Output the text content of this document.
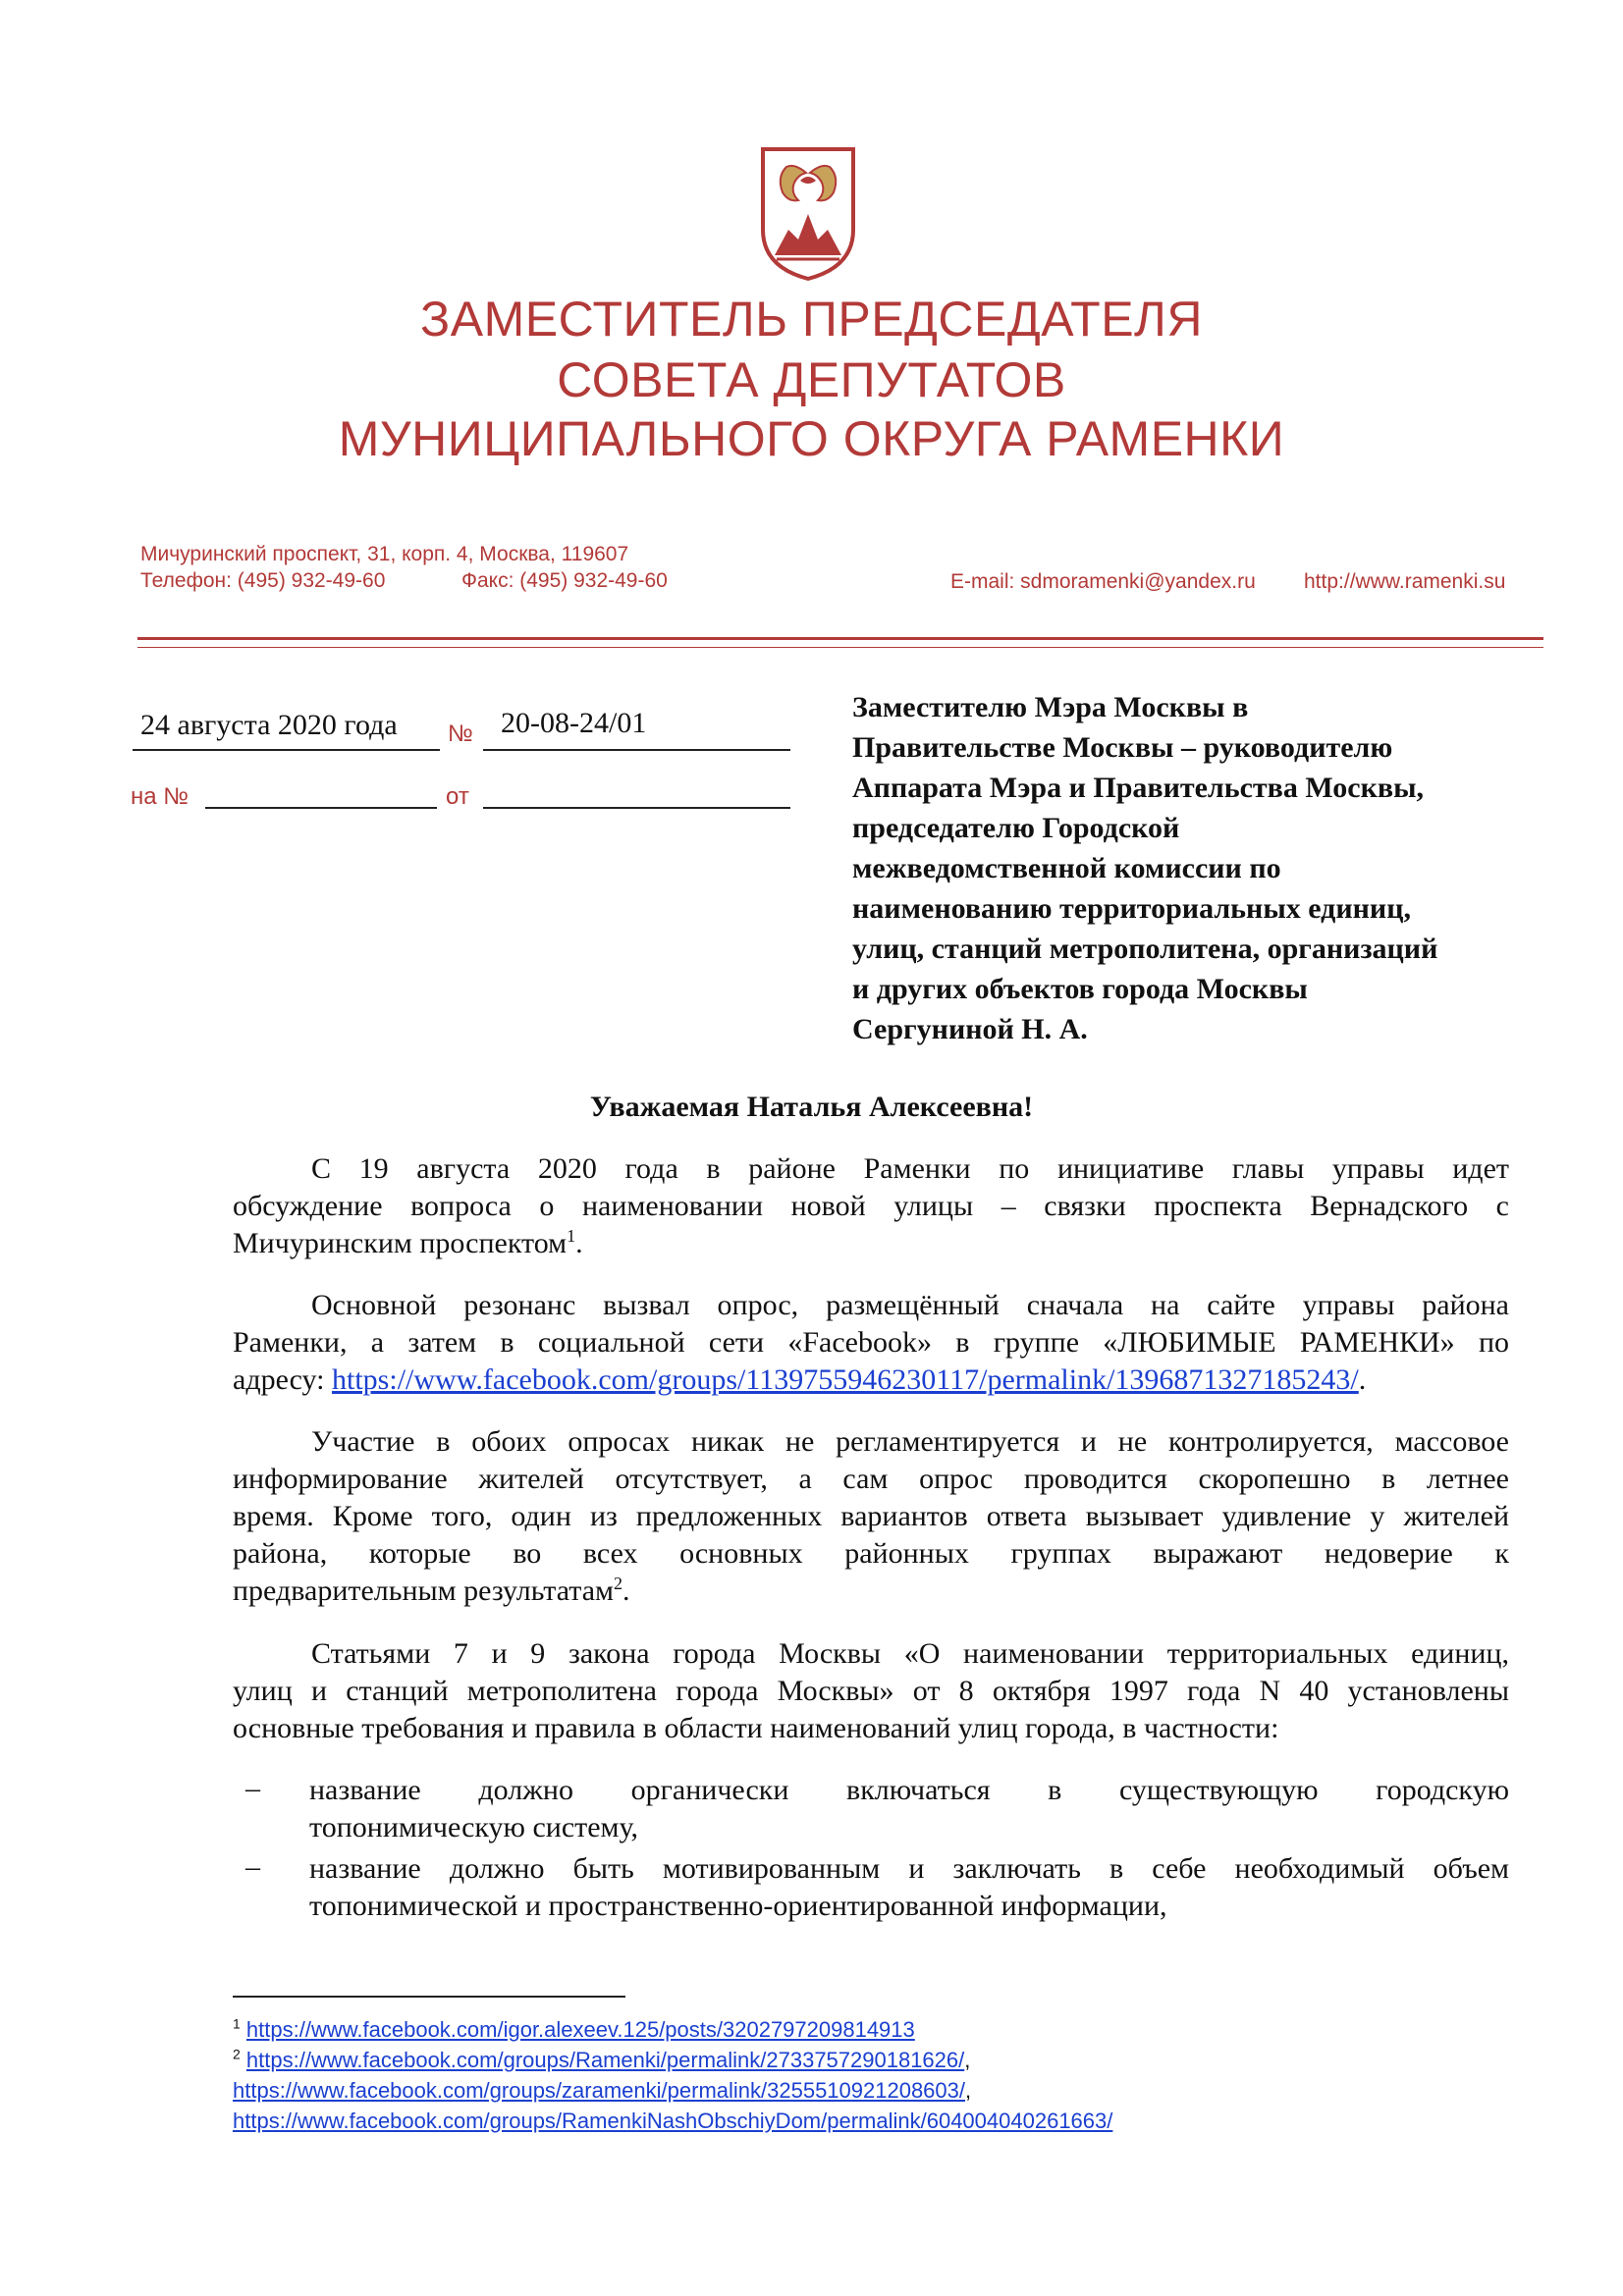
ЗАМЕСТИТЕЛЬ ПРЕДСЕДАТЕЛЯ
СОВЕТА ДЕПУТАТОВ
МУНИЦИПАЛЬНОГО ОКРУГА РАМЕНКИ
Мичуринский проспект, 31, корп. 4, Москва, 119607
Телефон: (495) 932-49-60	Факс: (495) 932-49-60	E-mail: sdmoramenki@yandex.ru http://www.ramenki.su
24 августа 2020 года № 20-08-24/01
на №	от
Заместителю Мэра Москвы в
Правительстве Москвы – руководителю
Аппарата Мэра и Правительства Москвы,
председателю Городской
межведомственной комиссии по
наименованию территориальных единиц,
улиц, станций метрополитена, организаций
и других объектов города Москвы
Сергуниной Н. А.
Уважаемая Наталья Алексеевна!
С 19 августа 2020 года в районе Раменки по инициативе главы управы идет
обсуждение вопроса о наименовании новой улицы – связки проспекта Вернадского с
Мичуринским проспектом$^1$.
Основной резонанс вызвал опрос, размещённый сначала на сайте управы района
Раменки, а затем в социальной сети «Facebook» в группе «ЛЮБИМЫЕ РАМЕНКИ» по
адресу: https://www.facebook.com/groups/1139755946230117/permalink/1396871327185243/.
Участие в обоих опросах никак не регламентируется и не контролируется, массовое
информирование жителей отсутствует, а сам опрос проводится скоропешно в летнее
время. Кроме того, один из предложенных вариантов ответа вызывает удивление у жителей
района, которые во всех основных районных группах выражают недоверие к
предварительным результатам$^2$.
Статьями 7 и 9 закона города Москвы «О наименовании территориальных единиц,
улиц и станций метрополитена города Москвы» от 8 октября 1997 года N 40 установлены
основные требования и правила в области наименований улиц города, в частности:
– название должно органически включаться в существующую городскую
топонимическую систему,
– название должно быть мотивированным и заключать в себе необходимый объем
топонимической и пространственно-ориентированной информации,
$^1$ https://www.facebook.com/igor.alexeev.125/posts/3202797209814913
$^2$ https://www.facebook.com/groups/Ramenki/permalink/2733757290181626/,
https://www.facebook.com/groups/zaramenki/permalink/3255510921208603/,
https://www.facebook.com/groups/RamenkiNashObschiyDom/permalink/604004040261663/
